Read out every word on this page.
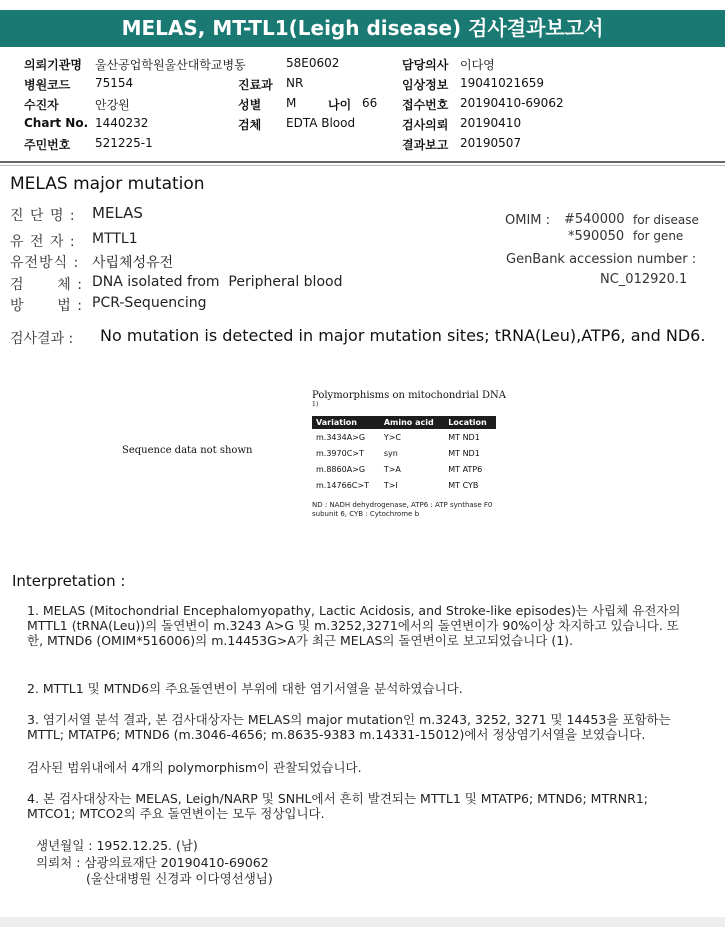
MELAS, MT-TL1(Leigh disease) 검사결과보고서
의뢰기관명 울산공업학원울산대학교병동	58E0602	담당의사 이다영
병원코드 75154	진료과 NR	임상정보 19041021659
수진자	안강원	성별 M	나이 66 접수번호 20190410-69062
Chart No. 1440232	검체 EDTA Blood	검사의뢰 20190410
주민번호 521225-1	결과보고 20190507
MELAS major mutation
진 단 명 : MELAS
유 전 자 : MTTL1
유전방식 : 사립체성유전
검      체 : DNA isolated from  Peripheral blood
방      법 : PCR-Sequencing
OMIM : #540000 for disease
*590050 for gene
GenBank accession number :
NC_012920.1
검사결과 : No mutation is detected in major mutation sites; tRNA(Leu),ATP6, and ND6.
Sequence data not shown
Polymorphisms on mitochondrial DNA $^{1)}$
Variation	Amino acid	Location
m.3434A>G	Y>C	MT ND1
m.3970C>T	syn	MT ND1
m.8860A>G	T>A	MT ATP6
m.14766C>T	T>I	MT CYB
ND : NADH dehydrogenase, ATP6 : ATP synthase F0 subunit 6, CYB : Cytochrome b
Interpretation :
1. MELAS (Mitochondrial Encephalomyopathy, Lactic Acidosis, and Stroke-like episodes)는 사립체 유전자의 MTTL1 (tRNA(Leu))의 돌연변이 m.3243 A>G 및 m.3252,3271에서의 돌연변이가 90%이상 차지하고 있습니다. 또한, MTND6 (OMIM*516006)의 m.14453G>A가 최근 MELAS의 돌연변이로 보고되었습니다 (1).
2. MTTL1 및 MTND6의 주요돌연변이 부위에 대한 염기서열을 분석하였습니다.
3. 염기서열 분석 결과, 본 검사대상자는 MELAS의 major mutation인 m.3243, 3252, 3271 및 14453을 포함하는 MTTL; MTATP6; MTND6 (m.3046-4656; m.8635-9383 m.14331-15012)에서 정상염기서열을 보였습니다.
검사된 범위내에서 4개의 polymorphism이 관찰되었습니다.
4. 본 검사대상자는 MELAS, Leigh/NARP 및 SNHL에서 흔히 발견되는 MTTL1 및 MTATP6; MTND6; MTRNR1; MTCO1; MTCO2의 주요 돌연변이는 모두 정상입니다.
생년월일 : 1952.12.25. (남)
의뢰처 : 삼광의료재단 20190410-69062
(울산대병원 신경과 이다영선생님)
